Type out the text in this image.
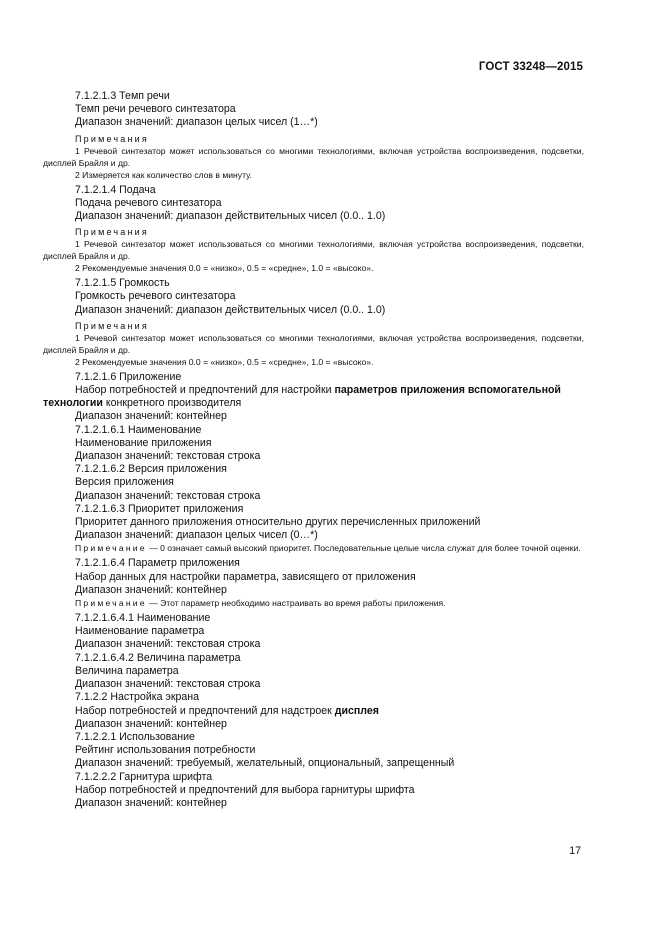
ГОСТ 33248—2015

7.1.2.1.3 Темп речи

Темп речи речевого синтезатора

Диапазон значений: диапазон целых чисел (1…*)

Примечания

1 Речевой синтезатор может использоваться со многими технологиями, включая устройства воспроизведения, подсветки, дисплей Брайля и др.

2 Измеряется как количество слов в минуту.

7.1.2.1.4 Подача

Подача речевого синтезатора

Диапазон значений: диапазон действительных чисел (0.0.. 1.0)

Примечания

1 Речевой синтезатор может использоваться со многими технологиями, включая устройства воспроизведения, подсветки, дисплей Брайля и др.

2 Рекомендуемые значения 0.0 = «низко», 0.5 = «средне», 1.0 = «высоко».

7.1.2.1.5 Громкость

Громкость речевого синтезатора

Диапазон значений: диапазон действительных чисел (0.0.. 1.0)

Примечания

1 Речевой синтезатор может использоваться со многими технологиями, включая устройства воспроизведения, подсветки, дисплей Брайля и др.

2 Рекомендуемые значения 0.0 = «низко», 0.5 = «средне», 1.0 = «высоко».

7.1.2.1.6 Приложение

Набор потребностей и предпочтений для настройки параметров приложения вспомогательной технологии конкретного производителя

Диапазон значений: контейнер

7.1.2.1.6.1 Наименование

Наименование приложения

Диапазон значений: текстовая строка

7.1.2.1.6.2 Версия приложения

Версия приложения

Диапазон значений: текстовая строка

7.1.2.1.6.3 Приоритет приложения

Приоритет данного приложения относительно других перечисленных приложений

Диапазон значений: диапазон целых чисел (0…*)

Примечание — 0 означает самый высокий приоритет. Последовательные целые числа служат для более точной оценки.

7.1.2.1.6.4 Параметр приложения

Набор данных для настройки параметра, зависящего от приложения

Диапазон значений: контейнер

Примечание — Этот параметр необходимо настраивать во время работы приложения.

7.1.2.1.6.4.1 Наименование

Наименование параметра

Диапазон значений: текстовая строка

7.1.2.1.6.4.2 Величина параметра

Величина параметра

Диапазон значений: текстовая строка

7.1.2.2 Настройка экрана

Набор потребностей и предпочтений для надстроек дисплея

Диапазон значений: контейнер

7.1.2.2.1 Использование

Рейтинг использования потребности

Диапазон значений: требуемый, желательный, опциональный, запрещенный

7.1.2.2.2 Гарнитура шрифта

Набор потребностей и предпочтений для выбора гарнитуры шрифта

Диапазон значений: контейнер

17
